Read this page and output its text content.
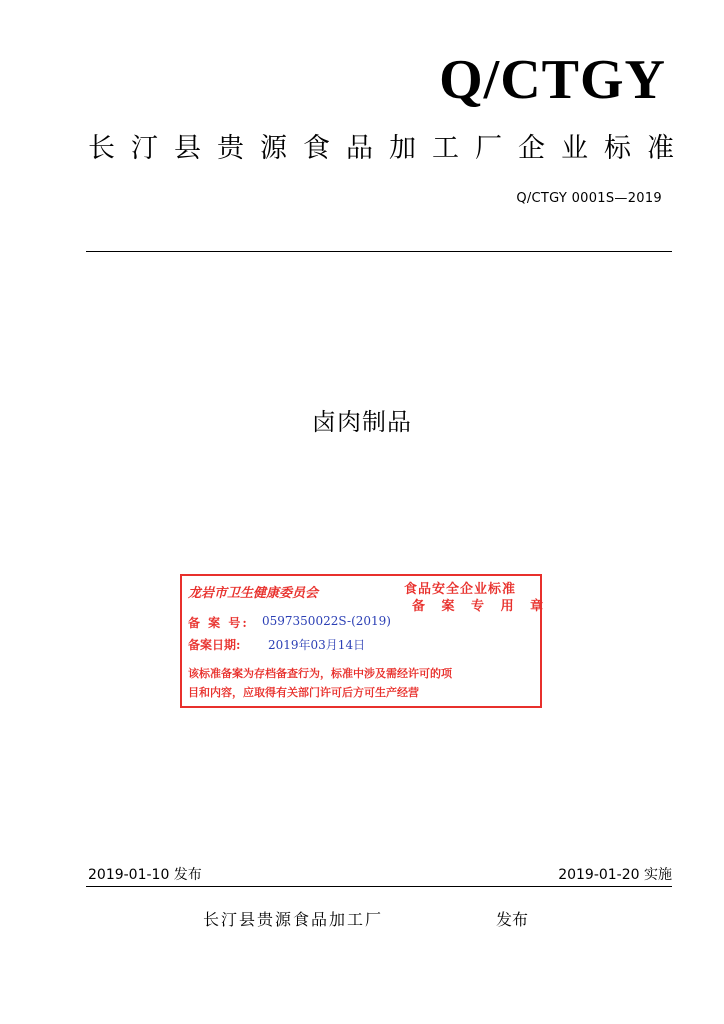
Q/CTGY
长 汀 县 贵 源 食 品 加 工 厂 企 业 标 准
Q/CTGY 0001S—2019
卤肉制品
龙岩市卫生健康委员会	食品安全企业标准
备 案 专 用 章
备 案 号: 0597350022S-(2019)
备案日期: 2019年03月14日
该标准备案为存档备查行为，标准中涉及需经许可的项
目和内容，应取得有关部门许可后方可生产经营
2019-01-10 发布	2019-01-20 实施
长汀县贵源食品加工厂	发布
